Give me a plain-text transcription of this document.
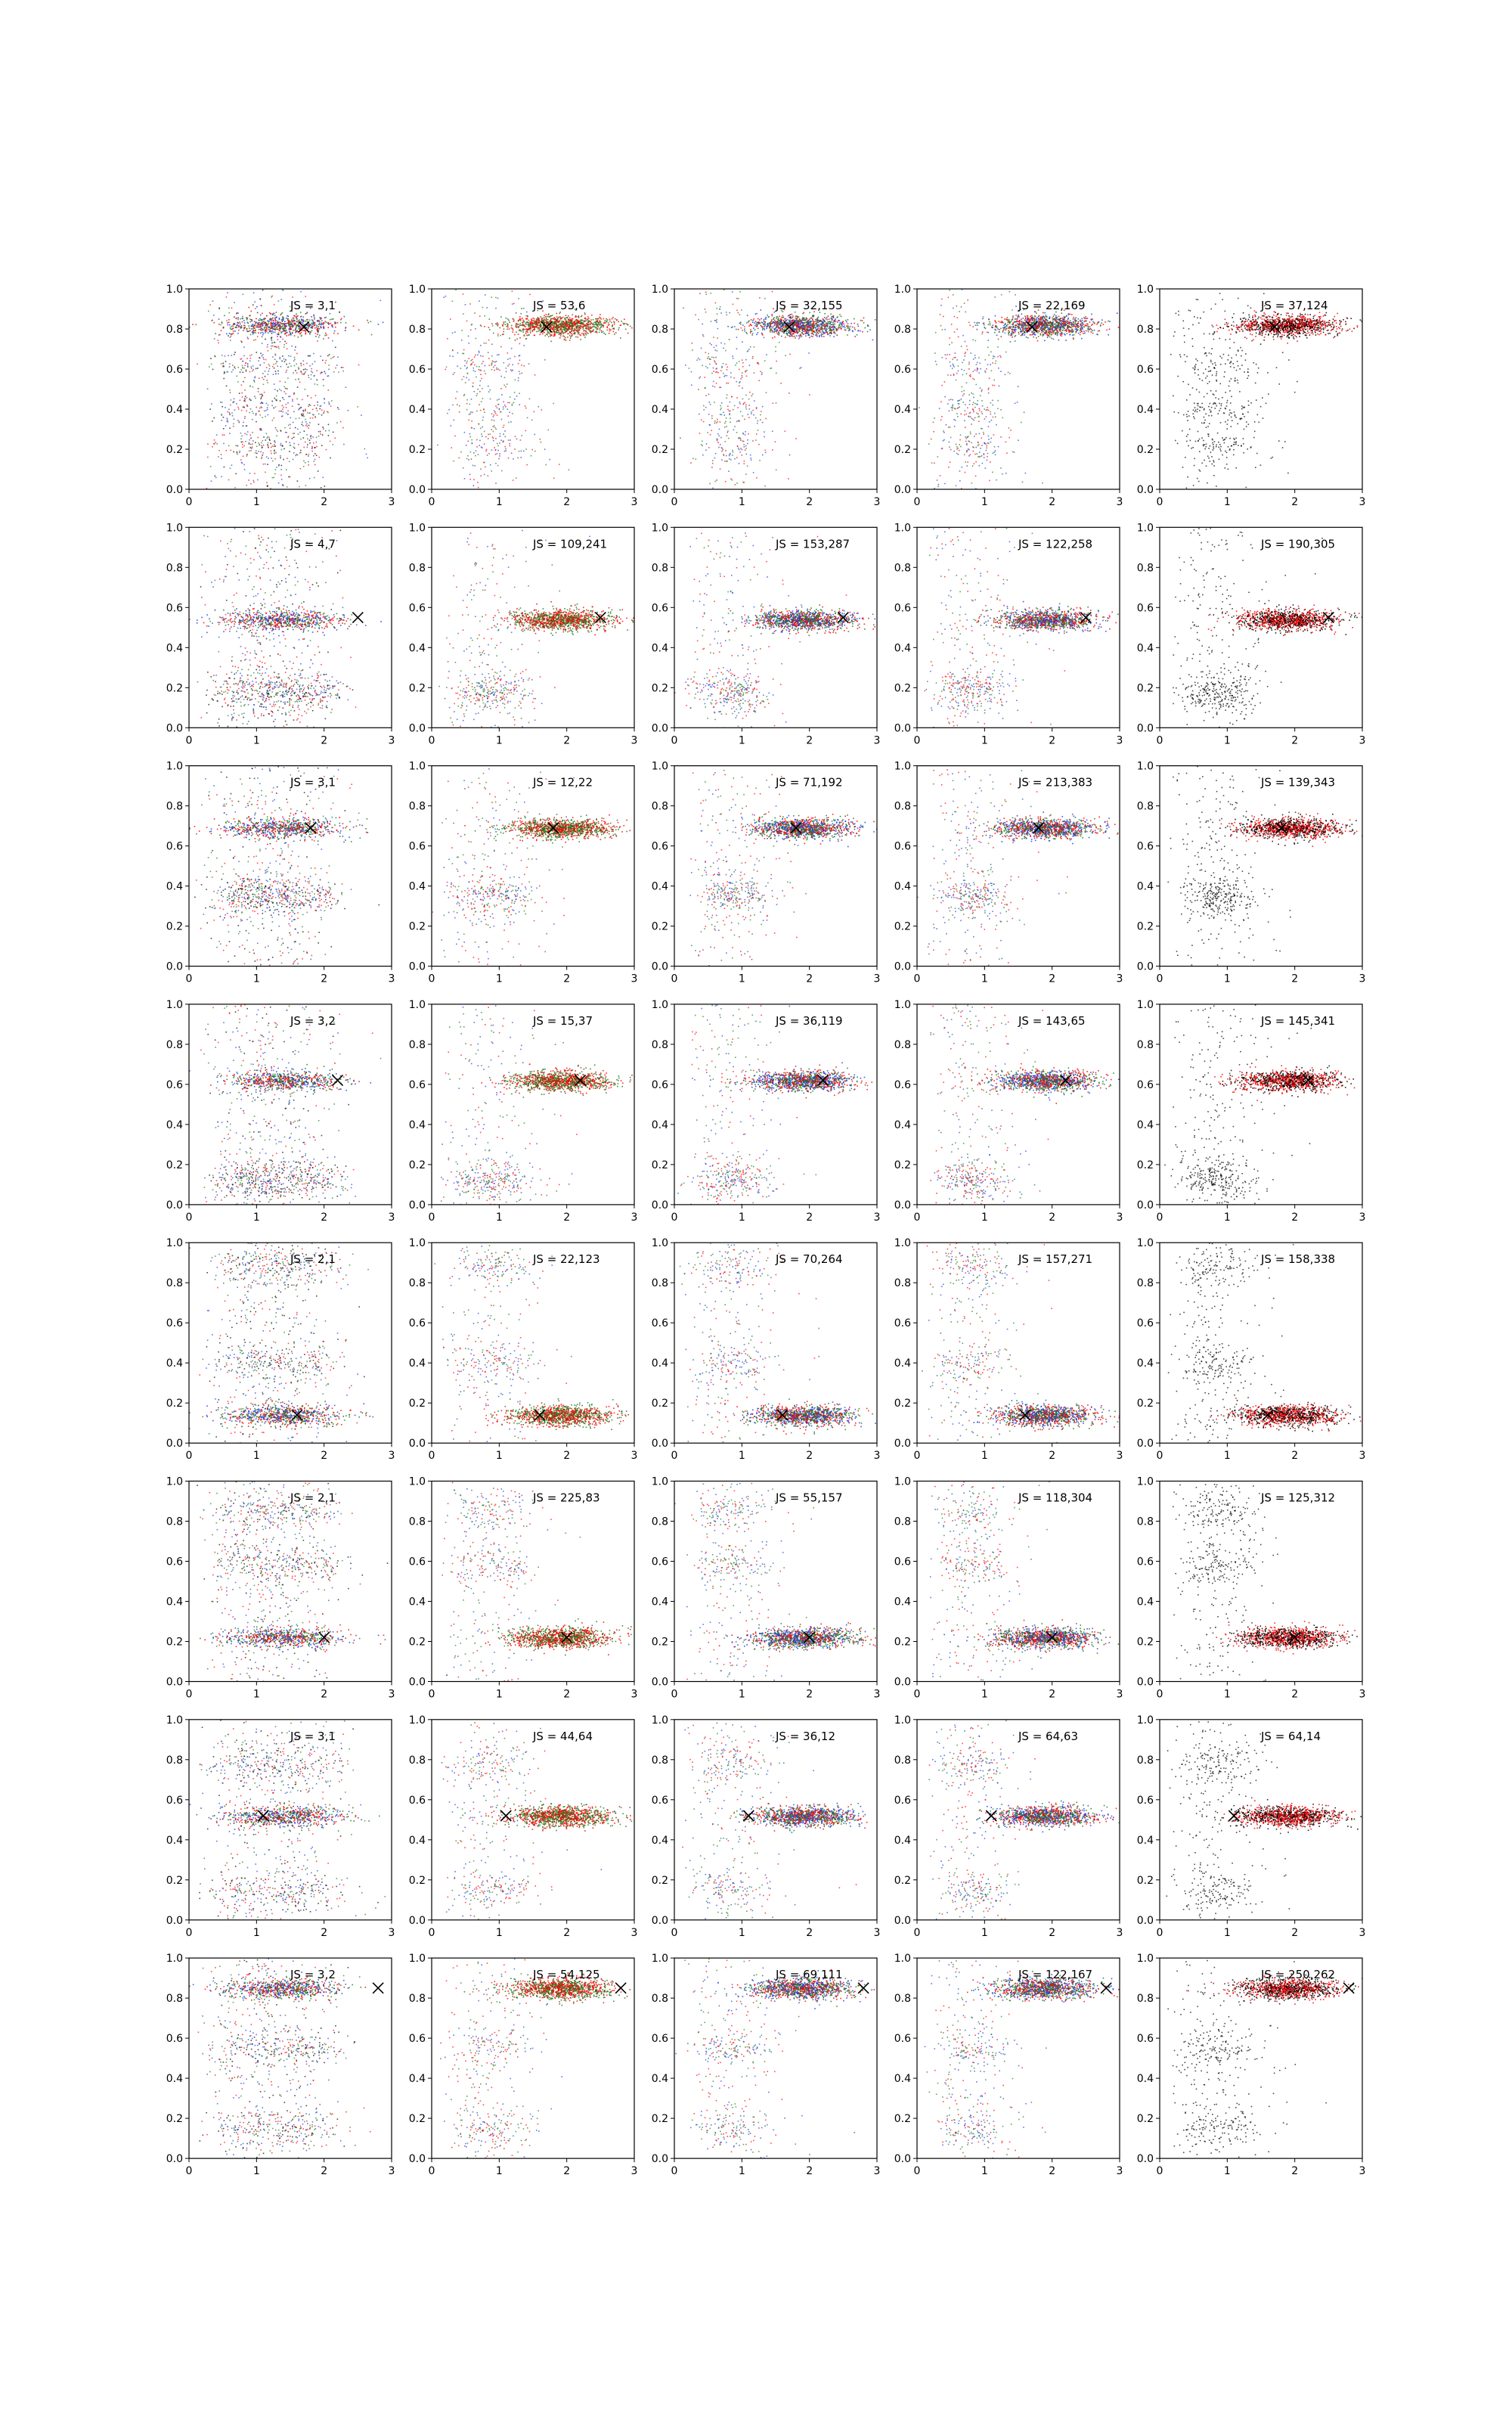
0	1	2	3
0.0
0.2
0.4
0.6
0.8
1.0
JS = 3,1
0	1	2	3
0.0
0.2
0.4
0.6
0.8
1.0
JS = 53,6
0	1	2	3
0.0
0.2
0.4
0.6
0.8
1.0
JS = 32,155
0	1	2	3
0.0
0.2
0.4
0.6
0.8
1.0
JS = 22,169
0	1	2	3
0.0
0.2
0.4
0.6
0.8
1.0
JS = 37,124
0	1	2	3
0.0
0.2
0.4
0.6
0.8
1.0
JS = 4,7
0	1	2	3
0.0
0.2
0.4
0.6
0.8
1.0
JS = 109,241
0	1	2	3
0.0
0.2
0.4
0.6
0.8
1.0
JS = 153,287
0	1	2	3
0.0
0.2
0.4
0.6
0.8
1.0
JS = 122,258
0	1	2	3
0.0
0.2
0.4
0.6
0.8
1.0
JS = 190,305
0	1	2	3
0.0
0.2
0.4
0.6
0.8
1.0
JS = 3,1
0	1	2	3
0.0
0.2
0.4
0.6
0.8
1.0
JS = 12,22
0	1	2	3
0.0
0.2
0.4
0.6
0.8
1.0
JS = 71,192
0	1	2	3
0.0
0.2
0.4
0.6
0.8
1.0
JS = 213,383
0	1	2	3
0.0
0.2
0.4
0.6
0.8
1.0
JS = 139,343
0	1	2	3
0.0
0.2
0.4
0.6
0.8
1.0
JS = 3,2
0	1	2	3
0.0
0.2
0.4
0.6
0.8
1.0
JS = 15,37
0	1	2	3
0.0
0.2
0.4
0.6
0.8
1.0
JS = 36,119
0	1	2	3
0.0
0.2
0.4
0.6
0.8
1.0
JS = 143,65
0	1	2	3
0.0
0.2
0.4
0.6
0.8
1.0
JS = 145,341
0	1	2	3
0.0
0.2
0.4
0.6
0.8
1.0
JS = 2,1
0	1	2	3
0.0
0.2
0.4
0.6
0.8
1.0
JS = 22,123
0	1	2	3
0.0
0.2
0.4
0.6
0.8
1.0
JS = 70,264
0	1	2	3
0.0
0.2
0.4
0.6
0.8
1.0
JS = 157,271
0	1	2	3
0.0
0.2
0.4
0.6
0.8
1.0
JS = 158,338
0	1	2	3
0.0
0.2
0.4
0.6
0.8
1.0
JS = 2,1
0	1	2	3
0.0
0.2
0.4
0.6
0.8
1.0
JS = 225,83
0	1	2	3
0.0
0.2
0.4
0.6
0.8
1.0
JS = 55,157
0	1	2	3
0.0
0.2
0.4
0.6
0.8
1.0
JS = 118,304
0	1	2	3
0.0
0.2
0.4
0.6
0.8
1.0
JS = 125,312
0	1	2	3
0.0
0.2
0.4
0.6
0.8
1.0
JS = 3,1
0	1	2	3
0.0
0.2
0.4
0.6
0.8
1.0
JS = 44,64
0	1	2	3
0.0
0.2
0.4
0.6
0.8
1.0
JS = 36,12
0	1	2	3
0.0
0.2
0.4
0.6
0.8
1.0
JS = 64,63
0	1	2	3
0.0
0.2
0.4
0.6
0.8
1.0
JS = 64,14
0	1	2	3
0.0
0.2
0.4
0.6
0.8
1.0
JS = 3,2
0	1	2	3
0.0
0.2
0.4
0.6
0.8
1.0
JS = 54,125
0	1	2	3
0.0
0.2
0.4
0.6
0.8
1.0
JS = 69,111
0	1	2	3
0.0
0.2
0.4
0.6
0.8
1.0
JS = 122,167
0	1	2	3
0.0
0.2
0.4
0.6
0.8
1.0
JS = 250,262
